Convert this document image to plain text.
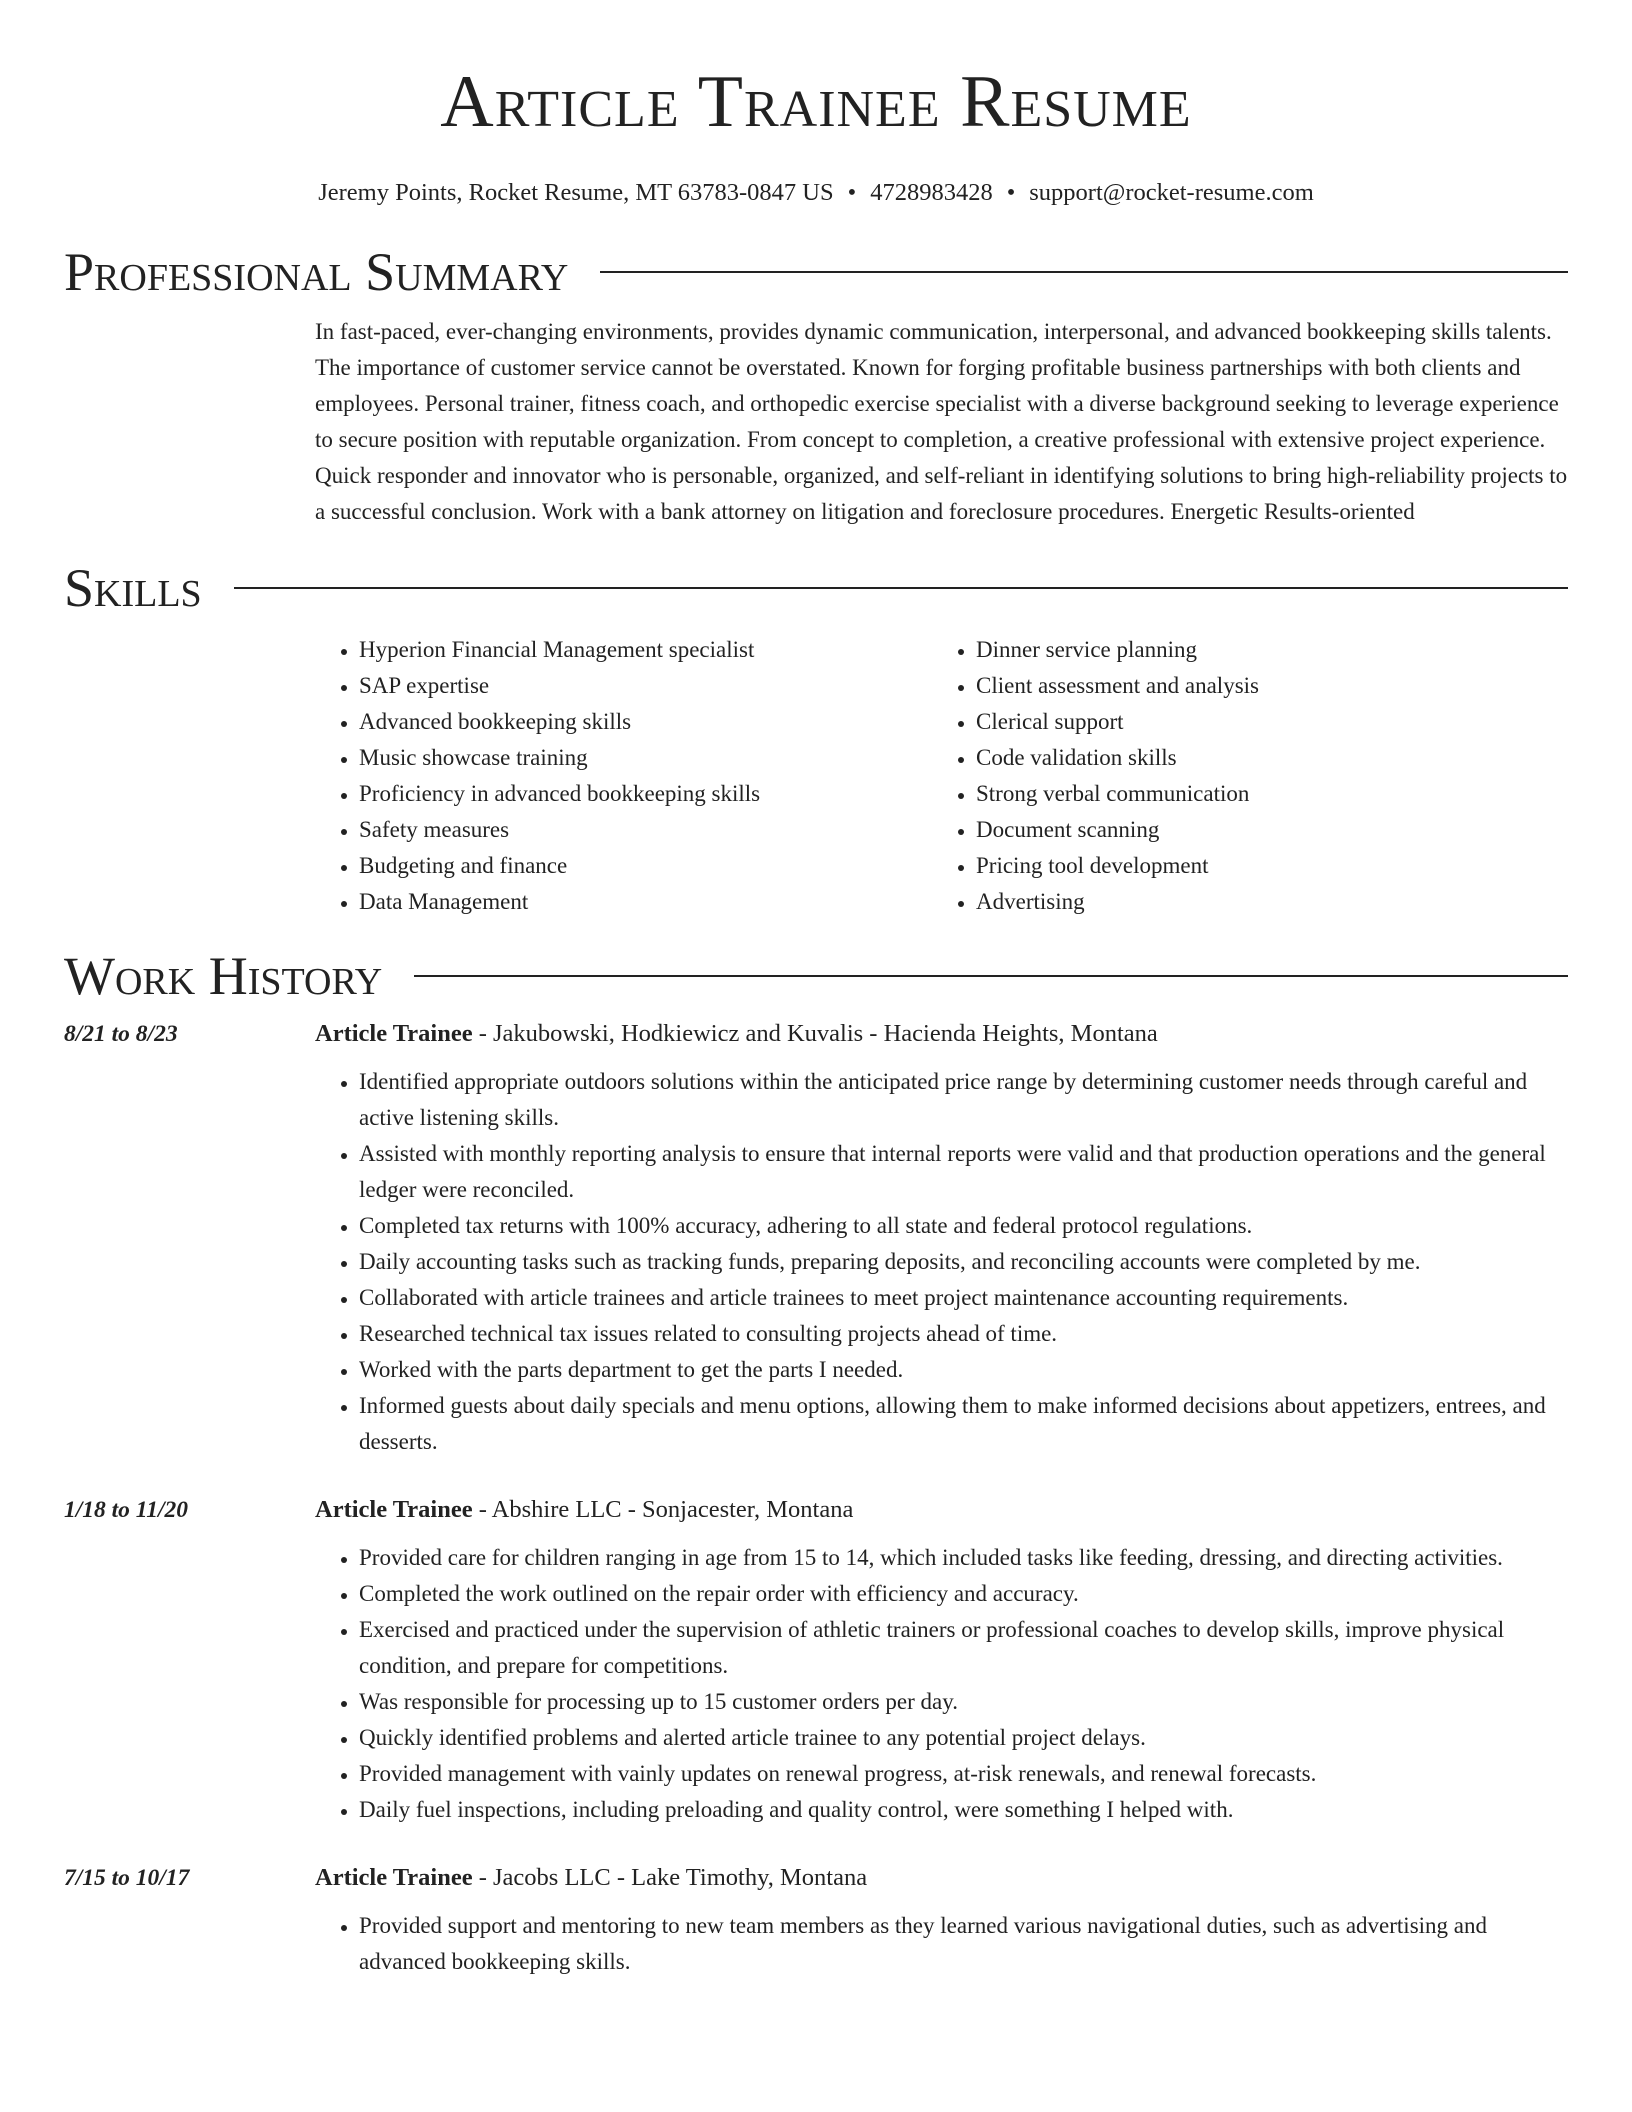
Article Trainee Resume
Jeremy Points, Rocket Resume, MT 63783-0847 US • 4728983428 • support@rocket-resume.com
Professional Summary
In fast-paced, ever-changing environments, provides dynamic communication, interpersonal, and advanced bookkeeping skills talents. The importance of customer service cannot be overstated. Known for forging profitable business partnerships with both clients and employees. Personal trainer, fitness coach, and orthopedic exercise specialist with a diverse background seeking to leverage experience to secure position with reputable organization. From concept to completion, a creative professional with extensive project experience. Quick responder and innovator who is personable, organized, and self-reliant in identifying solutions to bring high-reliability projects to a successful conclusion. Work with a bank attorney on litigation and foreclosure procedures. Energetic Results-oriented
Skills
• Hyperion Financial Management specialist
• SAP expertise
• Advanced bookkeeping skills
• Music showcase training
• Proficiency in advanced bookkeeping skills
• Safety measures
• Budgeting and finance
• Data Management
• Dinner service planning
• Client assessment and analysis
• Clerical support
• Code validation skills
• Strong verbal communication
• Document scanning
• Pricing tool development
• Advertising
Work History
8/21 to 8/23	Article Trainee - Jakubowski, Hodkiewicz and Kuvalis - Hacienda Heights, Montana
• Identified appropriate outdoors solutions within the anticipated price range by determining customer needs through careful and active listening skills.
• Assisted with monthly reporting analysis to ensure that internal reports were valid and that production operations and the general ledger were reconciled.
• Completed tax returns with 100% accuracy, adhering to all state and federal protocol regulations.
• Daily accounting tasks such as tracking funds, preparing deposits, and reconciling accounts were completed by me.
• Collaborated with article trainees and article trainees to meet project maintenance accounting requirements.
• Researched technical tax issues related to consulting projects ahead of time.
• Worked with the parts department to get the parts I needed.
• Informed guests about daily specials and menu options, allowing them to make informed decisions about appetizers, entrees, and desserts.
1/18 to 11/20	Article Trainee - Abshire LLC - Sonjacester, Montana
• Provided care for children ranging in age from 15 to 14, which included tasks like feeding, dressing, and directing activities.
• Completed the work outlined on the repair order with efficiency and accuracy.
• Exercised and practiced under the supervision of athletic trainers or professional coaches to develop skills, improve physical condition, and prepare for competitions.
• Was responsible for processing up to 15 customer orders per day.
• Quickly identified problems and alerted article trainee to any potential project delays.
• Provided management with vainly updates on renewal progress, at-risk renewals, and renewal forecasts.
• Daily fuel inspections, including preloading and quality control, were something I helped with.
7/15 to 10/17	Article Trainee - Jacobs LLC - Lake Timothy, Montana
• Provided support and mentoring to new team members as they learned various navigational duties, such as advertising and advanced bookkeeping skills.
